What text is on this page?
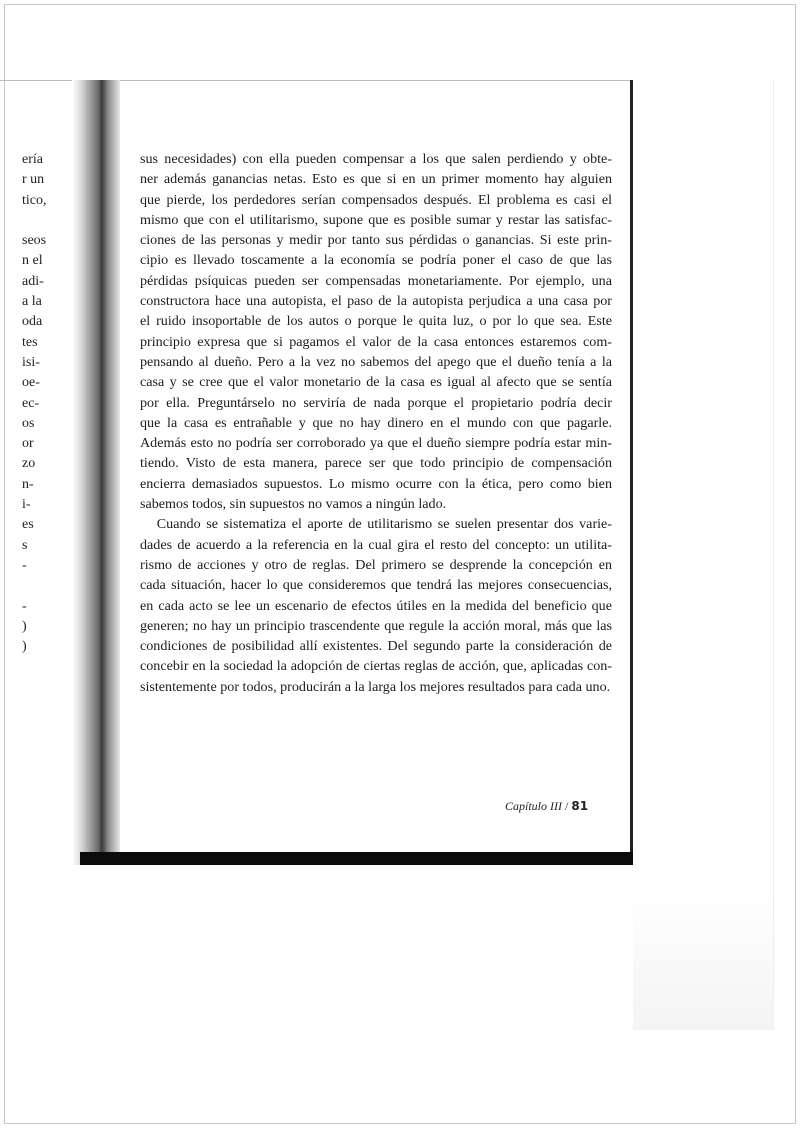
ería
r un
tico,
seos
n el
adi-
a la
oda
tes
isi-
oe-
ec-
os
or
zo
n-
i-
es
s
-
-
)
)
sus necesidades) con ella pueden compensar a los que salen perdiendo y obte-
ner además ganancias netas. Esto es que si en un primer momento hay alguien
que pierde, los perdedores serían compensados después. El problema es casi el
mismo que con el utilitarismo, supone que es posible sumar y restar las satisfac-
ciones de las personas y medir por tanto sus pérdidas o ganancias. Si este prin-
cipio es llevado toscamente a la economía se podría poner el caso de que las
pérdidas psíquicas pueden ser compensadas monetariamente. Por ejemplo, una
constructora hace una autopista, el paso de la autopista perjudica a una casa por
el ruido insoportable de los autos o porque le quita luz, o por lo que sea. Este
principio expresa que si pagamos el valor de la casa entonces estaremos com-
pensando al dueño. Pero a la vez no sabemos del apego que el dueño tenía a la
casa y se cree que el valor monetario de la casa es igual al afecto que se sentía
por ella. Preguntárselo no serviría de nada porque el propietario podría decir
que la casa es entrañable y que no hay dinero en el mundo con que pagarle.
Además esto no podría ser corroborado ya que el dueño siempre podría estar min-
tiendo. Visto de esta manera, parece ser que todo principio de compensación
encierra demasiados supuestos. Lo mismo ocurre con la ética, pero como bien
sabemos todos, sin supuestos no vamos a ningún lado.
Cuando se sistematiza el aporte de utilitarismo se suelen presentar dos varie-
dades de acuerdo a la referencia en la cual gira el resto del concepto: un utilita-
rismo de acciones y otro de reglas. Del primero se desprende la concepción en
cada situación, hacer lo que consideremos que tendrá las mejores consecuencias,
en cada acto se lee un escenario de efectos útiles en la medida del beneficio que
generen; no hay un principio trascendente que regule la acción moral, más que las
condiciones de posibilidad allí existentes. Del segundo parte la consideración de
concebir en la sociedad la adopción de ciertas reglas de acción, que, aplicadas con-
sistentemente por todos, producirán a la larga los mejores resultados para cada uno.
Capítulo III / 81
